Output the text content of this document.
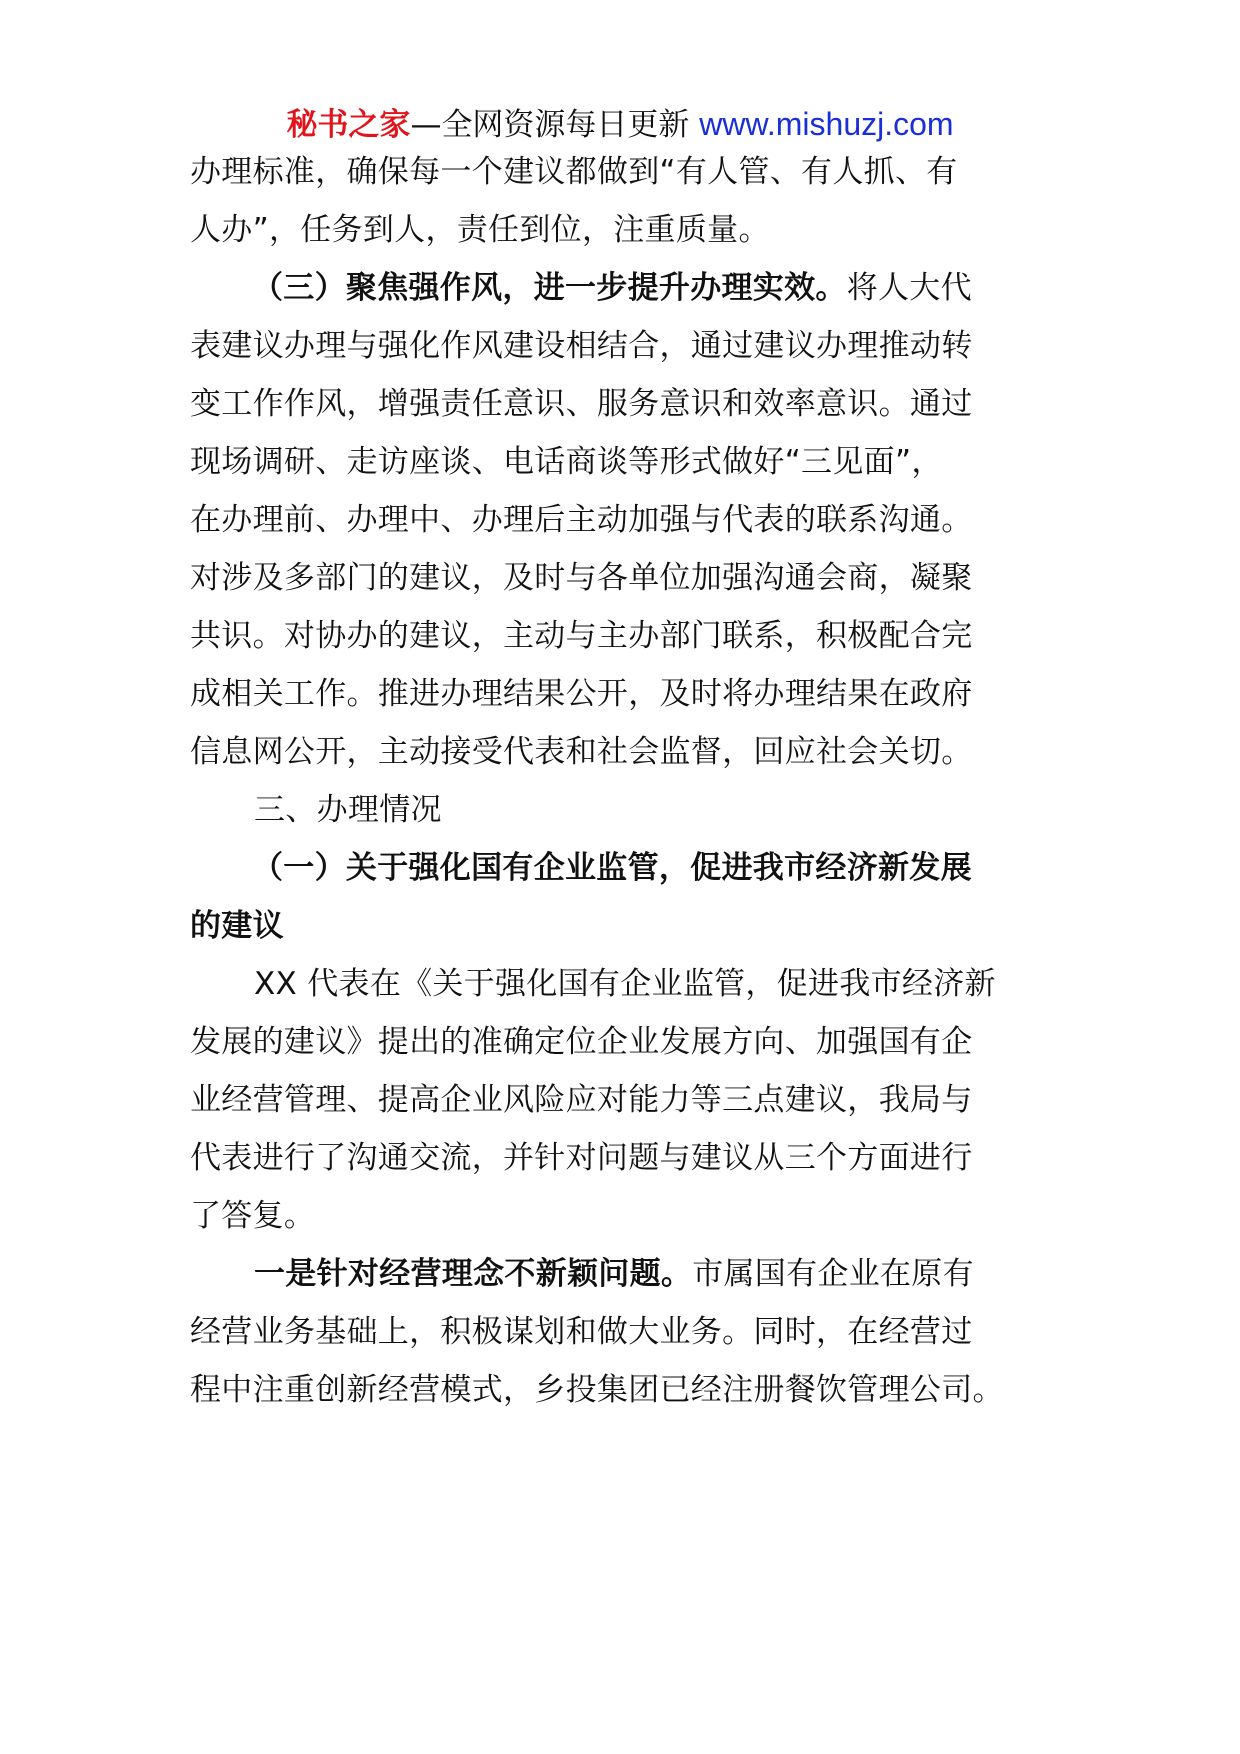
秘书之家—全网资源每日更新 www.mishuzj.com
办理标准，确保每一个建议都做到“有人管、有人抓、有
人办”，任务到人，责任到位，注重质量。
（三）聚焦强作风，进一步提升办理实效。将人大代
表建议办理与强化作风建设相结合，通过建议办理推动转
变工作作风，增强责任意识、服务意识和效率意识。通过
现场调研、走访座谈、电话商谈等形式做好“三见面”，
在办理前、办理中、办理后主动加强与代表的联系沟通。
对涉及多部门的建议，及时与各单位加强沟通会商，凝聚
共识。对协办的建议，主动与主办部门联系，积极配合完
成相关工作。推进办理结果公开，及时将办理结果在政府
信息网公开，主动接受代表和社会监督，回应社会关切。
三、办理情况
（一）关于强化国有企业监管，促进我市经济新发展
的建议
XX 代表在《关于强化国有企业监管，促进我市经济新
发展的建议》提出的准确定位企业发展方向、加强国有企
业经营管理、提高企业风险应对能力等三点建议，我局与
代表进行了沟通交流，并针对问题与建议从三个方面进行
了答复。
一是针对经营理念不新颖问题。市属国有企业在原有
经营业务基础上，积极谋划和做大业务。同时，在经营过
程中注重创新经营模式，乡投集团已经注册餐饮管理公司。
